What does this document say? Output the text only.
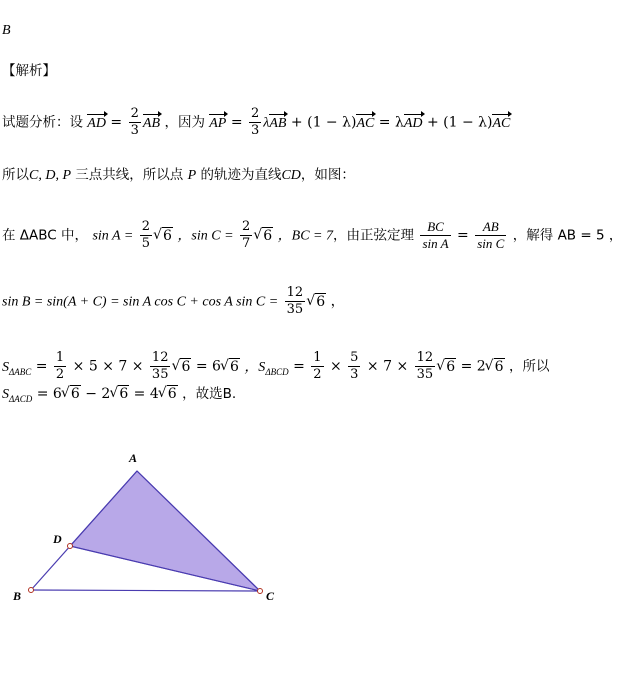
B
【解析】
试题分析：设 AD = $\frac{2}{3}$ AB ，因为 AP = $\frac{2}{3}$ λAB + (1 − λ)AC = λAD + (1 − λ)AC
所以C, D, P 三点共线，所以点 P 的轨迹为直线CD，如图：
在 ΔABC 中， $\sin A = \frac{2}{5}$
√ 6 ，$\sin C = \frac{2}{7}$
√ 6 ，BC = 7，由正弦定理 $\frac{BC}{\text{sin A}} = \frac{AB}{\text{sin C}}$ ，解得 AB = 5 ，
sin B = sin(A + C) = sin A cos C + cos A $\sin C = \frac{12}{35}$
√ 6 ，
$S_{\Delta ABC} = \frac{1}{2} \times 5 \times 7 \times \frac{12}{35}$
√ 6 = 6√ 6 ，$S_{\Delta BCD} = \frac{1}{2} \times \frac{5}{3} \times 7 \times \frac{12}{35}$
√ 6 = 2√ 6 ，所以
$S_{\Delta ACD} = 6√$ 6 − 2√ 6 = 4√ 6 ，故选B.
A
D
B	C
